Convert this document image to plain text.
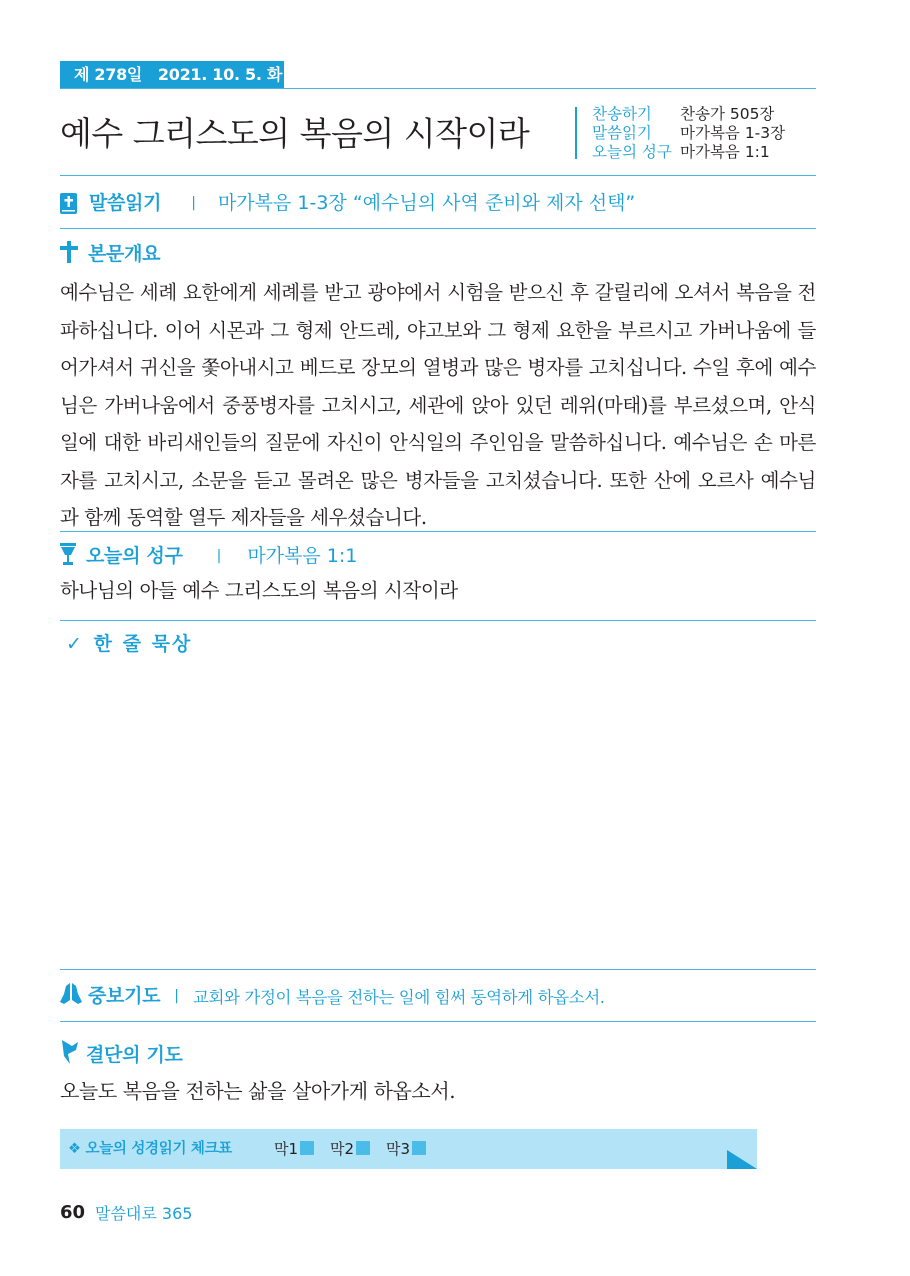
제 278일 2021. 10. 5. 화
예수 그리스도의 복음의 시작이라	찬송하기	찬송가 505장
말씀읽기	마가복음 1-3장
오늘의 성구 마가복음 1:1
말씀읽기 | 마가복음 1-3장 “예수님의 사역 준비와 제자 선택”
본문개요
예수님은 세례 요한에게 세례를 받고 광야에서 시험을 받으신 후 갈릴리에 오셔서 복음을 전파하십니다. 이어 시몬과 그 형제 안드레, 야고보와 그 형제 요한을 부르시고 가버나움에 들어가셔서 귀신을 쫓아내시고 베드로 장모의 열병과 많은 병자를 고치십니다. 수일 후에 예수님은 가버나움에서 중풍병자를 고치시고, 세관에 앉아 있던 레위(마태)를 부르셨으며, 안식일에 대한 바리새인들의 질문에 자신이 안식일의 주인임을 말씀하십니다. 예수님은 손 마른 자를 고치시고, 소문을 듣고 몰려온 많은 병자들을 고치셨습니다. 또한 산에 오르사 예수님과 함께 동역할 열두 제자들을 세우셨습니다.
오늘의 성구 | 마가복음 1:1
하나님의 아들 예수 그리스도의 복음의 시작이라
✓ 한 줄 묵상
중보기도 | 교회와 가정이 복음을 전하는 일에 힘써 동역하게 하옵소서.
결단의 기도
오늘도 복음을 전하는 삶을 살아가게 하옵소서.
❖ 오늘의 성경읽기 체크표	막1	막2	막3
60 말씀대로 365
